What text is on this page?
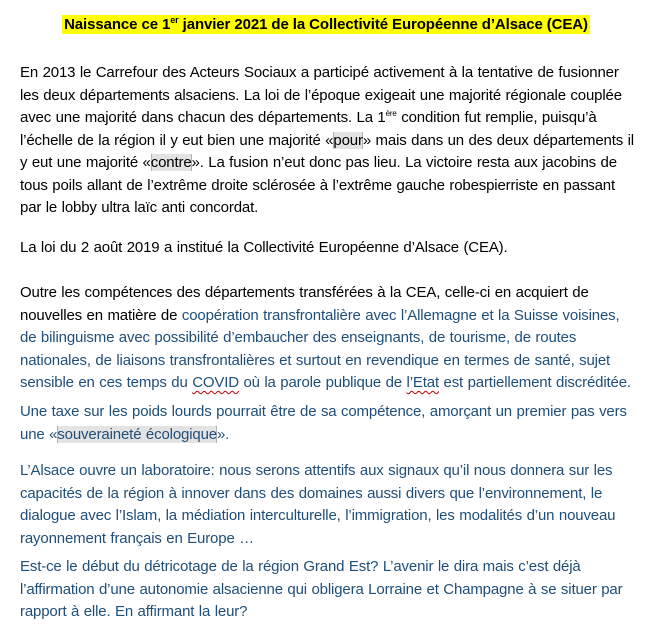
Naissance ce 1er janvier 2021 de la Collectivité Européenne d’Alsace (CEA)

En 2013 le Carrefour des Acteurs Sociaux a participé activement à la tentative de fusionner les deux départements alsaciens. La loi de l’époque exigeait une majorité régionale couplée avec une majorité dans chacun des départements. La 1ère condition fut remplie, puisqu’à l’échelle de la région il y eut bien une majorité «pour» mais dans un des deux départements il y eut une majorité «contre». La fusion n’eut donc pas lieu. La victoire resta aux jacobins de tous poils allant de l’extrême droite sclérosée à l’extrême gauche robespierriste en passant par le lobby ultra laïc anti concordat.

La loi du 2 août 2019 a institué la Collectivité Européenne d’Alsace (CEA).

Outre les compétences des départements transférées à la CEA, celle-ci en acquiert de nouvelles en matière de coopération transfrontalière avec l’Allemagne et la Suisse voisines, de bilinguisme avec possibilité d’embaucher des enseignants, de tourisme, de routes nationales, de liaisons transfrontalières et surtout en revendique en termes de santé, sujet sensible en ces temps du COVID où la parole publique de l’Etat est partiellement discréditée.

Une taxe sur les poids lourds pourrait être de sa compétence, amorçant un premier pas vers une «souveraineté écologique».

L’Alsace ouvre un laboratoire: nous serons attentifs aux signaux qu’il nous donnera sur les capacités de la région à innover dans des domaines aussi divers que l’environnement, le dialogue avec l’Islam, la médiation interculturelle, l’immigration, les modalités d’un nouveau rayonnement français en Europe …

Est-ce le début du détricotage de la région Grand Est? L’avenir le dira mais c’est déjà l’affirmation d’une autonomie alsacienne qui obligera Lorraine et Champagne à se situer par rapport à elle. En affirmant la leur?
